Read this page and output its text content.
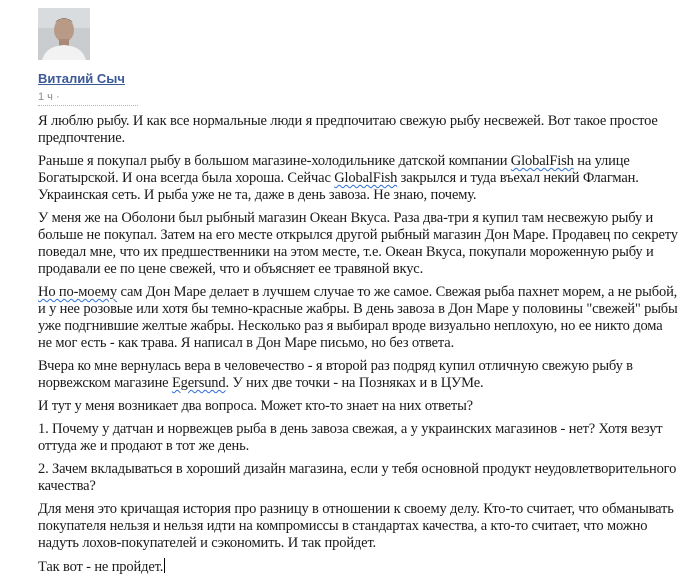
Виталий Сыч
1 ч ·

Я люблю рыбу. И как все нормальные люди я предпочитаю свежую рыбу несвежей. Вот такое простое предпочтение.

Раньше я покупал рыбу в большом магазине-холодильнике датской компании GlobalFish на улице Богатырской. И она всегда была хороша. Сейчас GlobalFish закрылся и туда въехал некий Флагман. Украинская сеть. И рыба уже не та, даже в день завоза. Не знаю, почему.

У меня же на Оболони был рыбный магазин Океан Вкуса. Раза два-три я купил там несвежую рыбу и больше не покупал. Затем на его месте открылся другой рыбный магазин Дон Маре. Продавец по секрету поведал мне, что их предшественники на этом месте, т.е. Океан Вкуса, покупали мороженную рыбу и продавали ее по цене свежей, что и объясняет ее травяной вкус.

Но по-моему сам Дон Маре делает в лучшем случае то же самое. Свежая рыба пахнет морем, а не рыбой, и у нее розовые или хотя бы темно-красные жабры. В день завоза в Дон Маре у половины "свежей" рыбы уже подгнившие желтые жабры. Несколько раз я выбирал вроде визуально неплохую, но ее никто дома не мог есть - как трава. Я написал в Дон Маре письмо, но без ответа.

Вчера ко мне вернулась вера в человечество - я второй раз подряд купил отличную свежую рыбу в норвежском магазине Egersund. У них две точки - на Позняках и в ЦУМе.

И тут у меня возникает два вопроса. Может кто-то знает на них ответы?

1. Почему у датчан и норвежцев рыба в день завоза свежая, а у украинских магазинов - нет? Хотя везут оттуда же и продают в тот же день.

2. Зачем вкладываться в хороший дизайн магазина, если у тебя основной продукт неудовлетворительного качества?

Для меня это кричащая история про разницу в отношении к своему делу. Кто-то считает, что обманывать покупателя нельзя и нельзя идти на компромиссы в стандартах качества, а кто-то считает, что можно надуть лохов-покупателей и сэкономить. И так пройдет.

Так вот - не пройдет.
